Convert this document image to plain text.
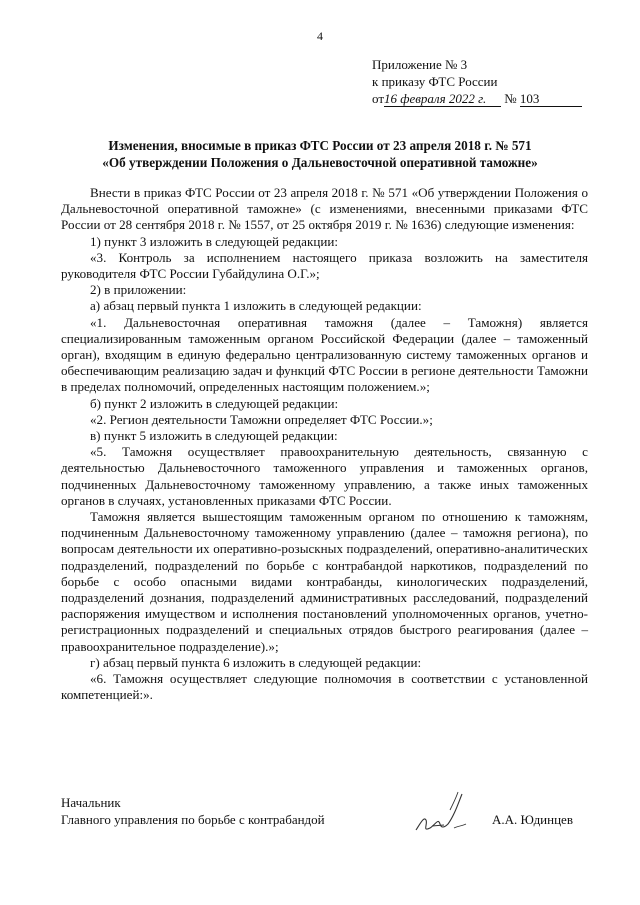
4
Приложение № 3
к приказу ФТС России
от16 февраля 2022 г. № 103
Изменения, вносимые в приказ ФТС России от 23 апреля 2018 г. № 571
«Об утверждении Положения о Дальневосточной оперативной таможне»

Внести в приказ ФТС России от 23 апреля 2018 г. № 571 «Об утверждении Положения о Дальневосточной оперативной таможне» (с изменениями, внесенными приказами ФТС России от 28 сентября 2018 г. № 1557, от 25 октября 2019 г. № 1636) следующие изменения:

1) пункт 3 изложить в следующей редакции:

«3. Контроль за исполнением настоящего приказа возложить на заместителя руководителя ФТС России Губайдулина О.Г.»;

2) в приложении:

а) абзац первый пункта 1 изложить в следующей редакции:

«1. Дальневосточная оперативная таможня (далее – Таможня) является специализированным таможенным органом Российской Федерации (далее – таможенный орган), входящим в единую федерально централизованную систему таможенных органов и обеспечивающим реализацию задач и функций ФТС России в регионе деятельности Таможни в пределах полномочий, определенных настоящим положением.»;

б) пункт 2 изложить в следующей редакции:

«2. Регион деятельности Таможни определяет ФТС России.»;

в) пункт 5 изложить в следующей редакции:

«5. Таможня осуществляет правоохранительную деятельность, связанную с деятельностью Дальневосточного таможенного управления и таможенных органов, подчиненных Дальневосточному таможенному управлению, а также иных таможенных органов в случаях, установленных приказами ФТС России.

Таможня является вышестоящим таможенным органом по отношению к таможням, подчиненным Дальневосточному таможенному управлению (далее – таможня региона), по вопросам деятельности их оперативно-розыскных подразделений, оперативно-аналитических подразделений, подразделений по борьбе с контрабандой наркотиков, подразделений по борьбе с особо опасными видами контрабанды, кинологических подразделений, подразделений дознания, подразделений административных расследований, подразделений распоряжения имуществом и исполнения постановлений уполномоченных органов, учетно-регистрационных подразделений и специальных отрядов быстрого реагирования (далее – правоохранительное подразделение).»;

г) абзац первый пункта 6 изложить в следующей редакции:

«6. Таможня осуществляет следующие полномочия в соответствии с установленной компетенцией:».

Начальник
Главного управления по борьбе с контрабандой	А.А. Юдинцев
